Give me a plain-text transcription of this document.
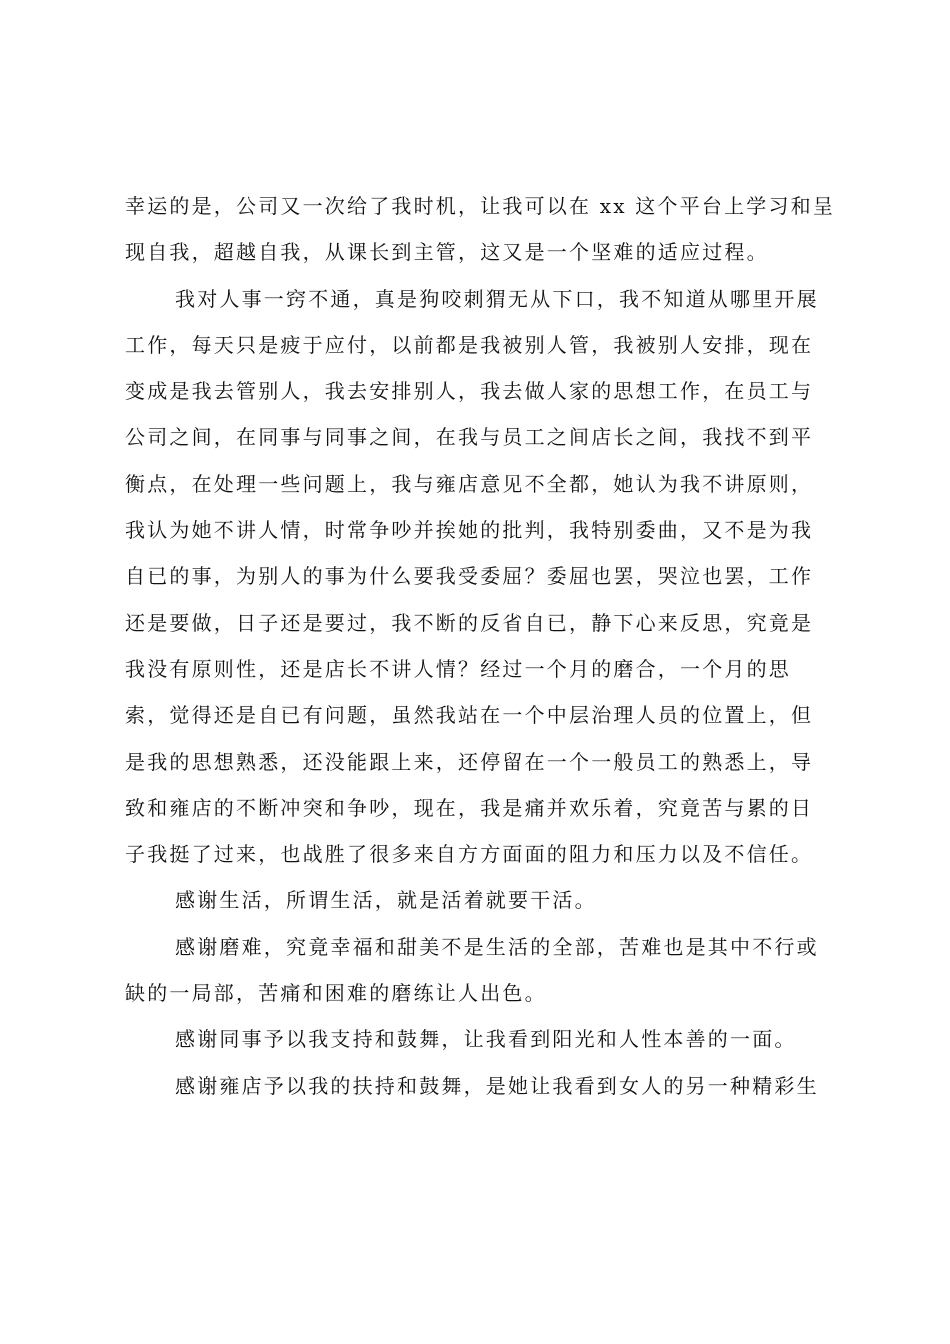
幸运的是，公司又一次给了我时机，让我可以在 xx 这个平台上学习和呈
现自我，超越自我，从课长到主管，这又是一个坚难的适应过程。
我对人事一窍不通，真是狗咬刺猬无从下口，我不知道从哪里开展
工作，每天只是疲于应付，以前都是我被别人管，我被别人安排，现在
变成是我去管别人，我去安排别人，我去做人家的思想工作，在员工与
公司之间，在同事与同事之间，在我与员工之间店长之间，我找不到平
衡点，在处理一些问题上，我与雍店意见不全都，她认为我不讲原则，
我认为她不讲人情，时常争吵并挨她的批判，我特别委曲，又不是为我
自已的事，为别人的事为什么要我受委屈？委屈也罢，哭泣也罢，工作
还是要做，日子还是要过，我不断的反省自已，静下心来反思，究竟是
我没有原则性，还是店长不讲人情？经过一个月的磨合，一个月的思
索，觉得还是自已有问题，虽然我站在一个中层治理人员的位置上，但
是我的思想熟悉，还没能跟上来，还停留在一个一般员工的熟悉上，导
致和雍店的不断冲突和争吵，现在，我是痛并欢乐着，究竟苦与累的日
子我挺了过来，也战胜了很多来自方方面面的阻力和压力以及不信任。
感谢生活，所谓生活，就是活着就要干活。
感谢磨难，究竟幸福和甜美不是生活的全部，苦难也是其中不行或
缺的一局部，苦痛和困难的磨练让人出色。
感谢同事予以我支持和鼓舞，让我看到阳光和人性本善的一面。
感谢雍店予以我的扶持和鼓舞，是她让我看到女人的另一种精彩生
